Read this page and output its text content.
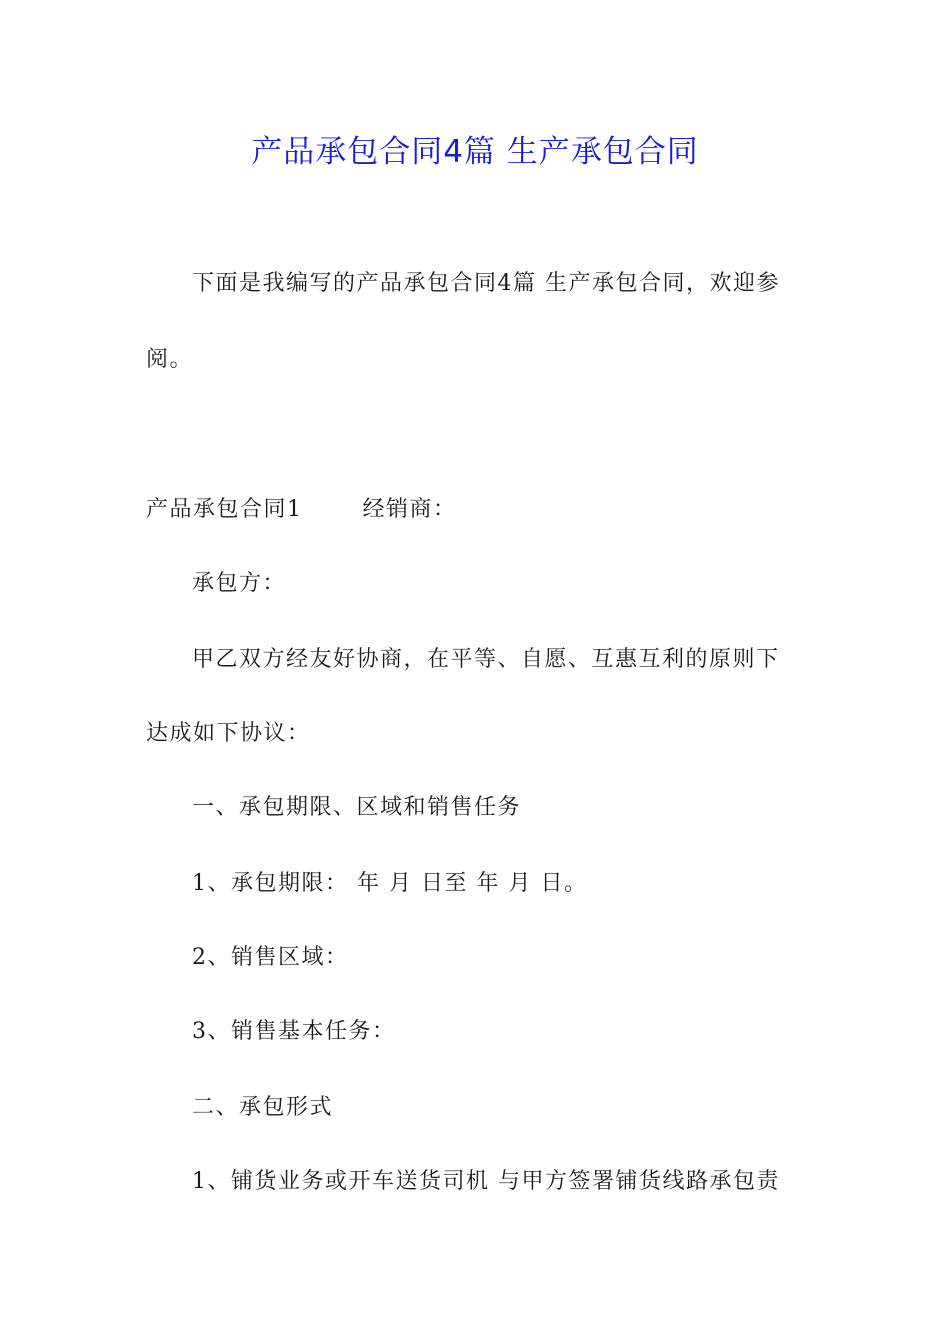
产品承包合同4篇 生产承包合同
下面是我编写的产品承包合同4篇 生产承包合同，欢迎参
阅。
产品承包合同1	经销商：
承包方：
甲乙双方经友好协商，在平等、自愿、互惠互利的原则下
达成如下协议：
一、承包期限、区域和销售任务
1、承包期限： 年 月 日至 年 月 日。
2、销售区域：
3、销售基本任务：
二、承包形式
1、铺货业务或开车送货司机 与甲方签署铺货线路承包责
